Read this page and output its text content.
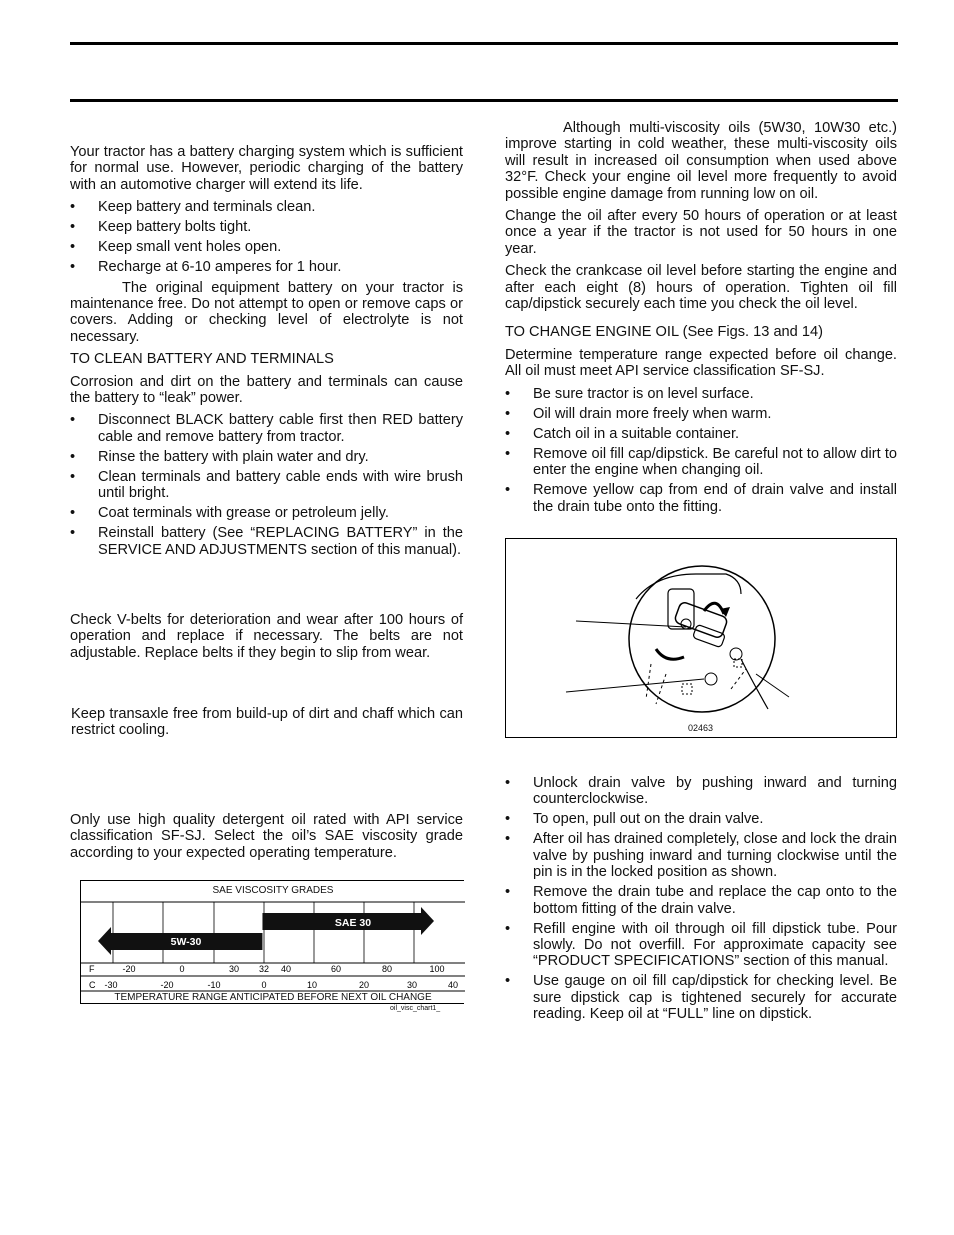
Your tractor has a battery charging system which is sufficient for normal use. However, periodic charging of the battery with an automotive charger will extend its life.

• Keep battery and terminals clean.
• Keep battery bolts tight.
• Keep small vent holes open.
• Recharge at 6-10 amperes for 1 hour.

The original equipment battery on your tractor is maintenance free. Do not attempt to open or remove caps or covers. Adding or checking level of electrolyte is not necessary.

TO CLEAN BATTERY AND TERMINALS

Corrosion and dirt on the battery and terminals can cause the battery to “leak” power.

• Disconnect BLACK battery cable first then RED battery cable and remove battery from tractor.
• Rinse the battery with plain water and dry.
• Clean terminals and battery cable ends with wire brush until bright.
• Coat terminals with grease or petroleum jelly.
• Reinstall battery (See “REPLACING BATTERY” in the SERVICE AND ADJUSTMENTS section of this manual).

Check V-belts for deterioration and wear after 100 hours of operation and replace if necessary. The belts are not adjustable. Replace belts if they begin to slip from wear.

Keep transaxle free from build-up of dirt and chaff which can restrict cooling.

Only use high quality detergent oil rated with API service classification SF-SJ. Select the oil’s SAE viscosity grade according to your expected operating temperature.

-20	0	30 32 40	60	80	100
-30	-20	-10	0	10	20	30	40
F
C
SAE 30
5W-30
SAE VISCOSITY GRADES
TEMPERATURE RANGE ANTICIPATED BEFORE NEXT OIL CHANGE
oil_visc_chart1_

Although multi-viscosity oils (5W30, 10W30 etc.) improve starting in cold weather, these multi-viscosity oils will result in increased oil consumption when used above 32°F. Check your engine oil level more frequently to avoid possible engine damage from running low on oil.

Change the oil after every 50 hours of operation or at least once a year if the tractor is not used for 50 hours in one year.

Check the crankcase oil level before starting the engine and after each eight (8) hours of operation. Tighten oil fill cap/dipstick securely each time you check the oil level.

TO CHANGE ENGINE OIL (See Figs. 13 and 14)

Determine temperature range expected before oil change. All oil must meet API service classification SF-SJ.

• Be sure tractor is on level surface.
• Oil will drain more freely when warm.
• Catch oil in a suitable container.
• Remove oil fill cap/dipstick. Be careful not to allow dirt to enter the engine when changing oil.
• Remove yellow cap from end of drain valve and install the drain tube onto the fitting.
02463
• Unlock drain valve by pushing inward and turning counterclockwise.
• To open, pull out on the drain valve.
• After oil has drained completely, close and lock the drain valve by pushing inward and turning clockwise until the pin is in the locked position as shown.
• Remove the drain tube and replace the cap onto to the bottom fitting of the drain valve.
• Refill engine with oil through oil fill dipstick tube. Pour slowly. Do not overfill. For approximate capacity see “PRODUCT SPECIFICATIONS” section of this manual.
• Use gauge on oil fill cap/dipstick for checking level. Be sure dipstick cap is tightened securely for accurate reading. Keep oil at “FULL” line on dipstick.
